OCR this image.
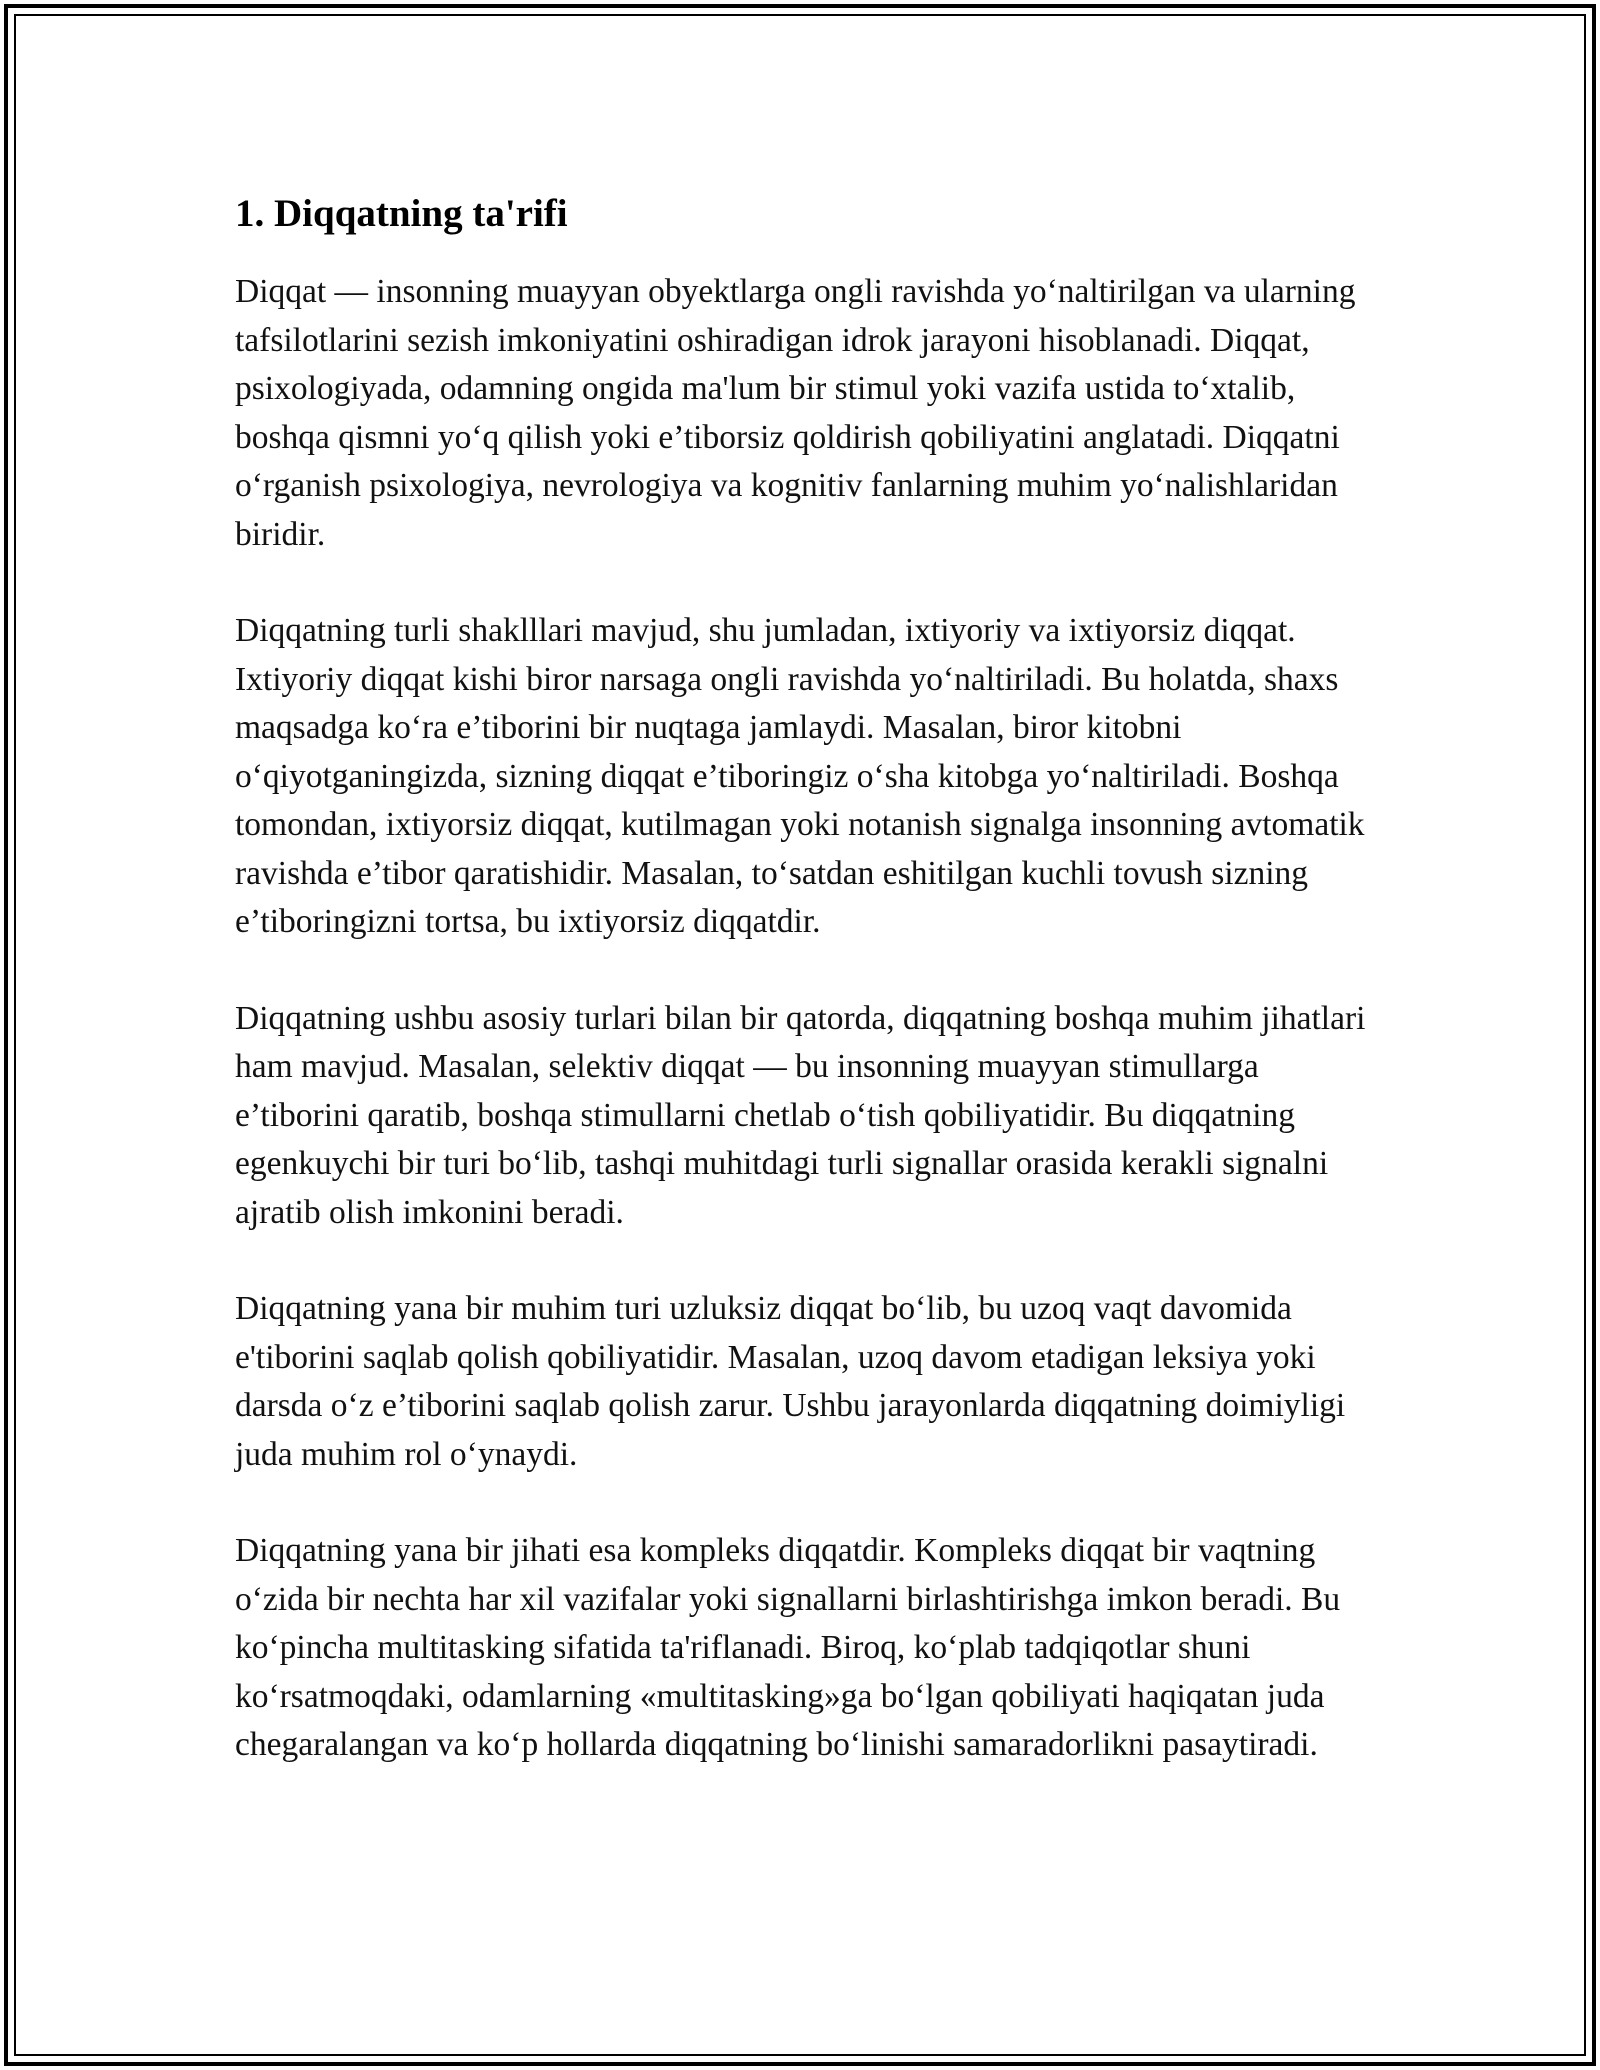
1. Diqqatning ta'rifi

Diqqat — insonning muayyan obyektlarga ongli ravishda yo‘naltirilgan va ularning tafsilotlarini sezish imkoniyatini oshiradigan idrok jarayoni hisoblanadi. Diqqat, psixologiyada, odamning ongida ma'lum bir stimul yoki vazifa ustida to‘xtalib, boshqa qismni yo‘q qilish yoki e’tiborsiz qoldirish qobiliyatini anglatadi. Diqqatni o‘rganish psixologiya, nevrologiya va kognitiv fanlarning muhim yo‘nalishlaridan biridir.

Diqqatning turli shaklllari mavjud, shu jumladan, ixtiyoriy va ixtiyorsiz diqqat. Ixtiyoriy diqqat kishi biror narsaga ongli ravishda yo‘naltiriladi. Bu holatda, shaxs maqsadga ko‘ra e’tiborini bir nuqtaga jamlaydi. Masalan, biror kitobni o‘qiyotganingizda, sizning diqqat e’tiboringiz o‘sha kitobga yo‘naltiriladi. Boshqa tomondan, ixtiyorsiz diqqat, kutilmagan yoki notanish signalga insonning avtomatik ravishda e’tibor qaratishidir. Masalan, to‘satdan eshitilgan kuchli tovush sizning e’tiboringizni tortsa, bu ixtiyorsiz diqqatdir.

Diqqatning ushbu asosiy turlari bilan bir qatorda, diqqatning boshqa muhim jihatlari ham mavjud. Masalan, selektiv diqqat — bu insonning muayyan stimullarga e’tiborini qaratib, boshqa stimullarni chetlab o‘tish qobiliyatidir. Bu diqqatning egenkuychi bir turi bo‘lib, tashqi muhitdagi turli signallar orasida kerakli signalni ajratib olish imkonini beradi.

Diqqatning yana bir muhim turi uzluksiz diqqat bo‘lib, bu uzoq vaqt davomida e'tiborini saqlab qolish qobiliyatidir. Masalan, uzoq davom etadigan leksiya yoki darsda o‘z e’tiborini saqlab qolish zarur. Ushbu jarayonlarda diqqatning doimiyligi juda muhim rol o‘ynaydi.

Diqqatning yana bir jihati esa kompleks diqqatdir. Kompleks diqqat bir vaqtning o‘zida bir nechta har xil vazifalar yoki signallarni birlashtirishga imkon beradi. Bu ko‘pincha multitasking sifatida ta'riflanadi. Biroq, ko‘plab tadqiqotlar shuni ko‘rsatmoqdaki, odamlarning «multitasking»ga bo‘lgan qobiliyati haqiqatan juda chegaralangan va ko‘p hollarda diqqatning bo‘linishi samaradorlikni pasaytiradi.
